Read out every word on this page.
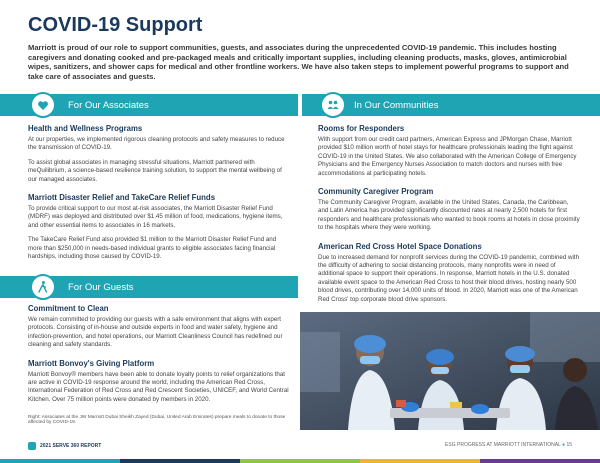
COVID-19 Support
Marriott is proud of our role to support communities, guests, and associates during the unprecedented COVID-19 pandemic. This includes hosting caregivers and donating cooked and pre-packaged meals and critically important supplies, including cleaning products, masks, gloves, antimicrobial wipes, sanitizers, and shower caps for medical and other frontline workers. We have also taken steps to implement powerful programs to support and take care of associates and guests.
For Our Associates	In Our Communities
For Our Guests
Health and Wellness Programs

At our properties, we implemented rigorous cleaning protocols and safety measures to reduce the transmission of COVID-19.

To assist global associates in managing stressful situations, Marriott partnered with meQuilibrium, a science-based resilience training solution, to support the mental wellbeing of our managed associates.

Marriott Disaster Relief and TakeCare Relief Funds

To provide critical support to our most at-risk associates, the Marriott Disaster Relief Fund (MDRF) was deployed and distributed over $1.45 million of food, medications, hygiene items, and other essential items to associates in 16 markets.

The TakeCare Relief Fund also provided $1 million to the Marriott Disaster Relief Fund and more than $250,000 in needs-based individual grants to eligible associates facing financial hardships, including those caused by COVID-19.

Rooms for Responders

With support from our credit card partners, American Express and JPMorgan Chase, Marriott provided $10 million worth of hotel stays for healthcare professionals leading the fight against COVID-19 in the United States. We also collaborated with the American College of Emergency Physicians and the Emergency Nurses Association to match doctors and nurses with free accommodations at participating hotels.

Community Caregiver Program

The Community Caregiver Program, available in the United States, Canada, the Caribbean, and Latin America has provided significantly discounted rates at nearly 2,500 hotels for first responders and healthcare professionals who wanted to book rooms at hotels in close proximity to the hospitals where they were working.

American Red Cross Hotel Space Donations

Due to increased demand for nonprofit services during the COVID-19 pandemic, combined with the difficulty of adhering to social distancing protocols, many nonprofits were in need of additional space to support their operations. In response, Marriott hotels in the U.S. donated available event space to the American Red Cross to host their blood drives, hosting nearly 500 blood drives, contributing over 14,000 units of blood. In 2020, Marriott was one of the American Red Cross' top corporate blood drive sponsors.

Commitment to Clean

We remain committed to providing our guests with a safe environment that aligns with expert protocols. Consisting of in-house and outside experts in food and water safety, hygiene and infection-prevention, and hotel operations, our Marriott Cleanliness Council has redefined our cleaning and safety standards.

Marriott Bonvoy's Giving Platform

Marriott Bonvoy® members have been able to donate loyalty points to relief organizations that are active in COVID-19 response around the world, including the American Red Cross, International Federation of Red Cross and Red Crescent Societies, UNICEF, and World Central Kitchen. Over 75 million points were donated by members in 2020.

Right: Associates at the JW Marriott Dubai Sheikh Zayed (Dubai, United Arab Emirates) prepare meals to donate to those affected by COVID-19.
2021 SERVE 360 REPORT	ESG PROGRESS AT MARRIOTT INTERNATIONAL ● 15
